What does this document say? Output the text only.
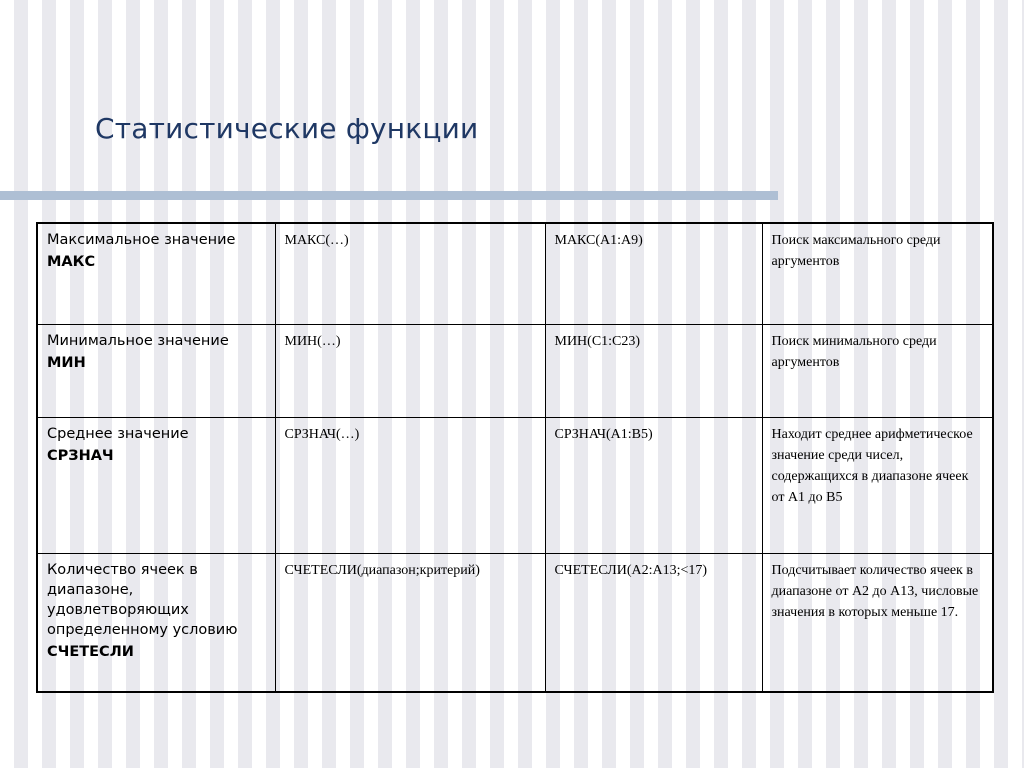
Статистические функции
Максимальное значение
МАКС	МАКС(…)	МАКС(А1:А9)	Поиск максимального среди аргументов

Минимальное значение
МИН	МИН(…)	МИН(С1:С23)	Поиск минимального среди аргументов

Среднее значение
СРЗНАЧ	СРЗНАЧ(…)	СРЗНАЧ(А1:В5)	Находит среднее арифметическое значение среди чисел, содержащихся в диапазоне ячеек от А1 до В5

Количество ячеек в диапазоне, удовлетворяющих определенному условию
СЧЕТЕСЛИ	СЧЕТЕСЛИ(диапазон;критерий)	СЧЕТЕСЛИ(А2:А13;<17)	Подсчитывает количество ячеек в диапазоне от А2 до А13, числовые значения в которых меньше 17.
